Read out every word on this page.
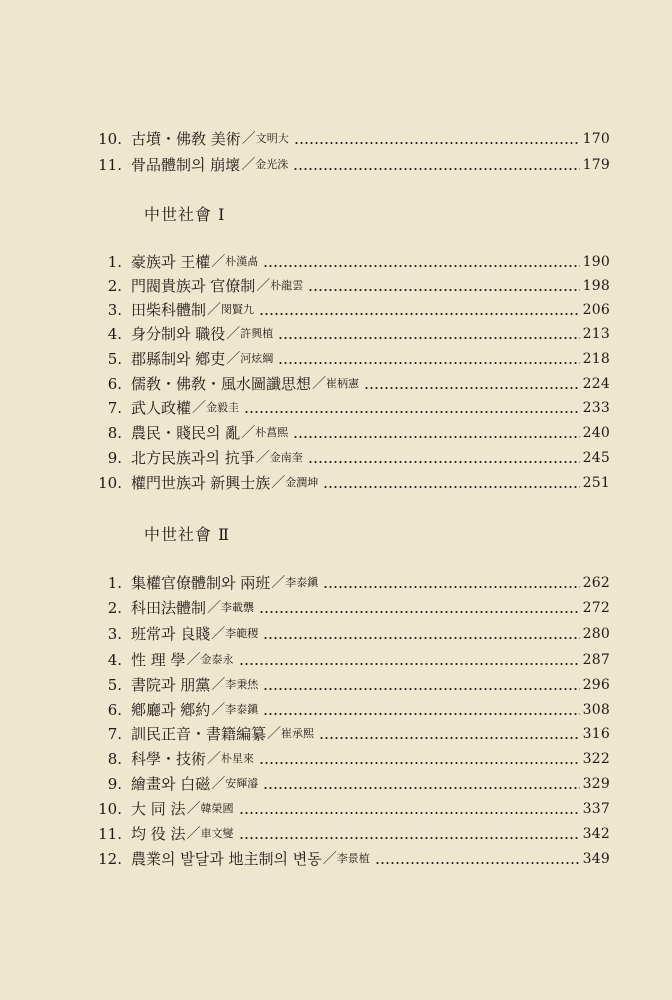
10. 古墳・佛敎 美術 ／ 文明大	170
11. 骨品體制의 崩壞 ／ 金光洙	179
中世社會 Ⅰ
1. 豪族과 王權 ／ 朴漢卨	190
2. 門閥貴族과 官僚制 ／ 朴龍雲	198
3. 田柴科體制 ／ 閔賢九	206
4. 身分制와 職役 ／ 許興植	213
5. 郡縣制와 鄕吏 ／ 河炫綱	218
6. 儒敎・佛敎・風水圖讖思想 ／ 崔柄憲	224
7. 武人政權 ／ 金毅圭	233
8. 農民・賤民의 亂 ／ 朴菖熙	240
9. 北方民族과의 抗爭 ／ 金南奎	245
10. 權門世族과 新興士族 ／ 金潤坤	251
中世社會 Ⅱ
1. 集權官僚體制와 兩班 ／ 李泰鎭	262
2. 科田法體制 ／ 李載龒	272
3. 班常과 良賤 ／ 李範稷	280
4. 性 理 學 ／ 金泰永	287
5. 書院과 朋黨 ／ 李秉烋	296
6. 鄕廳과 鄕約 ／ 李泰鎭	308
7. 訓民正音・書籍編纂 ／ 崔承熙	316
8. 科學・技術 ／ 朴星來	322
9. 繪畫와 白磁 ／ 安輝濬	329
10. 大 同 法 ／ 韓榮國	337
11. 均 役 法 ／ 車文燮	342
12. 農業의 발달과 地主制의 변동 ／ 李景植	349
